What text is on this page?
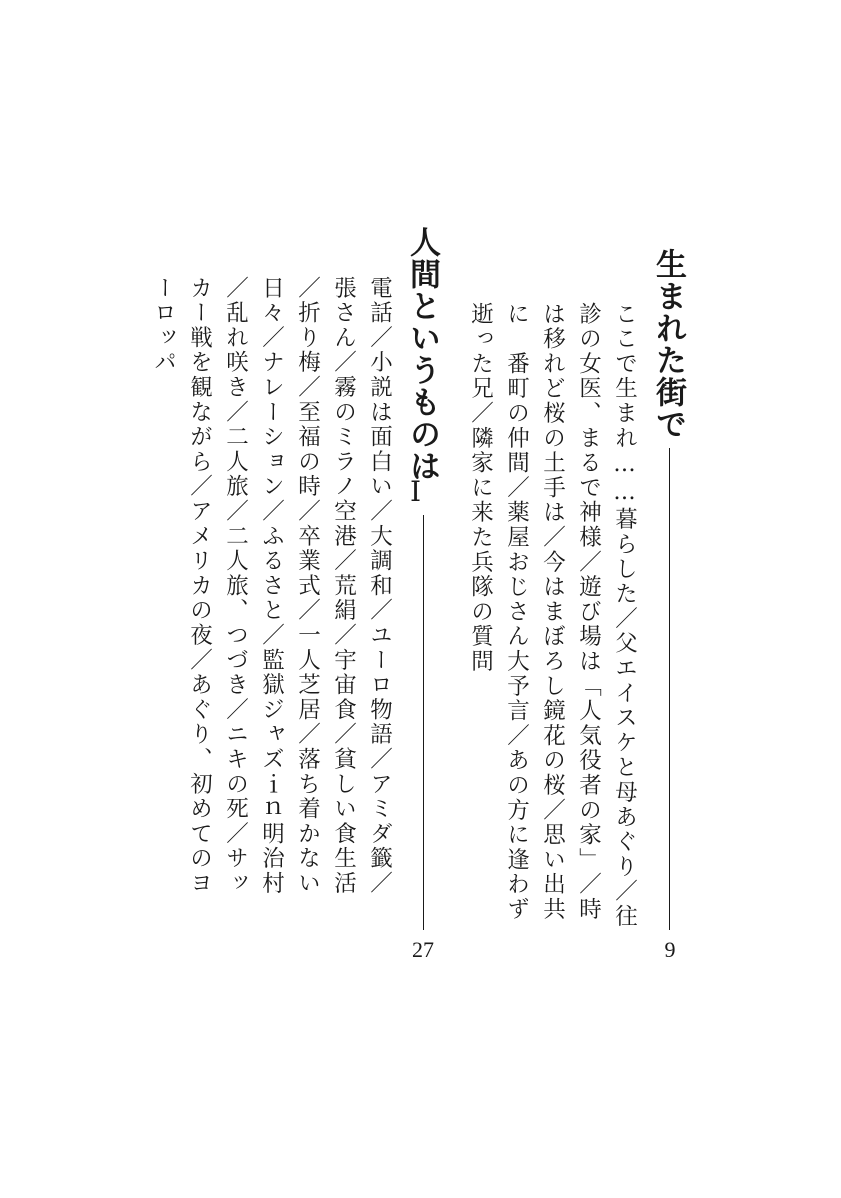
生まれた街で
9
ここで生まれ……暮らした／父エイスケと母あぐり／往
診の女医、まるで神様／遊び場は「人気役者の家」／時
は移れど桜の土手は／今はまぼろし鏡花の桜／思い出共
に　番町の仲間／薬屋おじさん大予言／あの方に逢わず
逝った兄／隣家に来た兵隊の質問
人間というものは
Ⅰ
27
電話／小説は面白い／大調和／ユーロ物語／アミダ籤／
張さん／霧のミラノ空港／荒絹／宇宙食／貧しい食生活
／折り梅／至福の時／卒業式／一人芝居／落ち着かない
日々／ナレーション／ふるさと／監獄ジャズｉｎ明治村
／乱れ咲き／二人旅／二人旅、つづき／ニキの死／サッ
カー戦を観ながら／アメリカの夜／あぐり、初めてのヨ
ーロッパ
